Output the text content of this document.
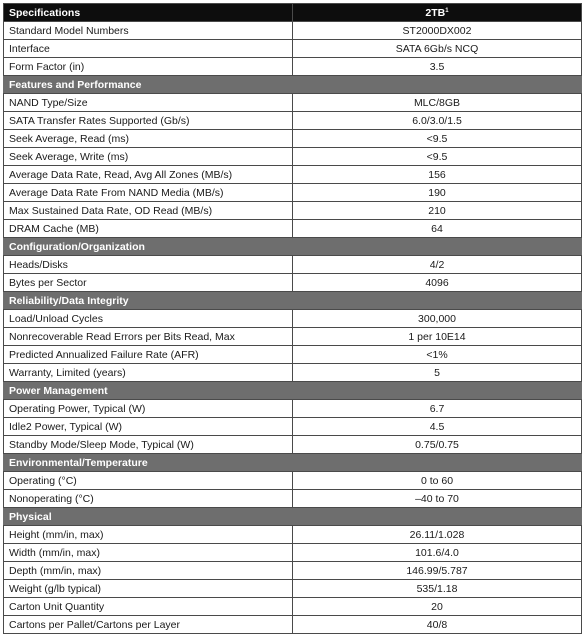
Specifications	2TB$^1$
Standard Model Numbers	ST2000DX002
Interface	SATA 6Gb/s NCQ
Form Factor (in)	3.5
Features and Performance	
NAND Type/Size	MLC/8GB
SATA Transfer Rates Supported (Gb/s)	6.0/3.0/1.5
Seek Average, Read (ms)	<9.5
Seek Average, Write (ms)	<9.5
Average Data Rate, Read, Avg All Zones (MB/s)	156
Average Data Rate From NAND Media (MB/s)	190
Max Sustained Data Rate, OD Read (MB/s)	210
DRAM Cache (MB)	64
Configuration/Organization	
Heads/Disks	4/2
Bytes per Sector	4096
Reliability/Data Integrity	
Load/Unload Cycles	300,000
Nonrecoverable Read Errors per Bits Read, Max	1 per 10E14
Predicted Annualized Failure Rate (AFR)	<1%
Warranty, Limited (years)	5
Power Management	
Operating Power, Typical (W)	6.7
Idle2 Power, Typical (W)	4.5
Standby Mode/Sleep Mode, Typical (W)	0.75/0.75
Environmental/Temperature	
Operating (°C)	0 to 60
Nonoperating (°C)	–40 to 70
Physical	
Height (mm/in, max)	26.11/1.028
Width (mm/in, max)	101.6/4.0
Depth (mm/in, max)	146.99/5.787
Weight (g/lb typical)	535/1.18
Carton Unit Quantity	20
Cartons per Pallet/Cartons per Layer	40/8
